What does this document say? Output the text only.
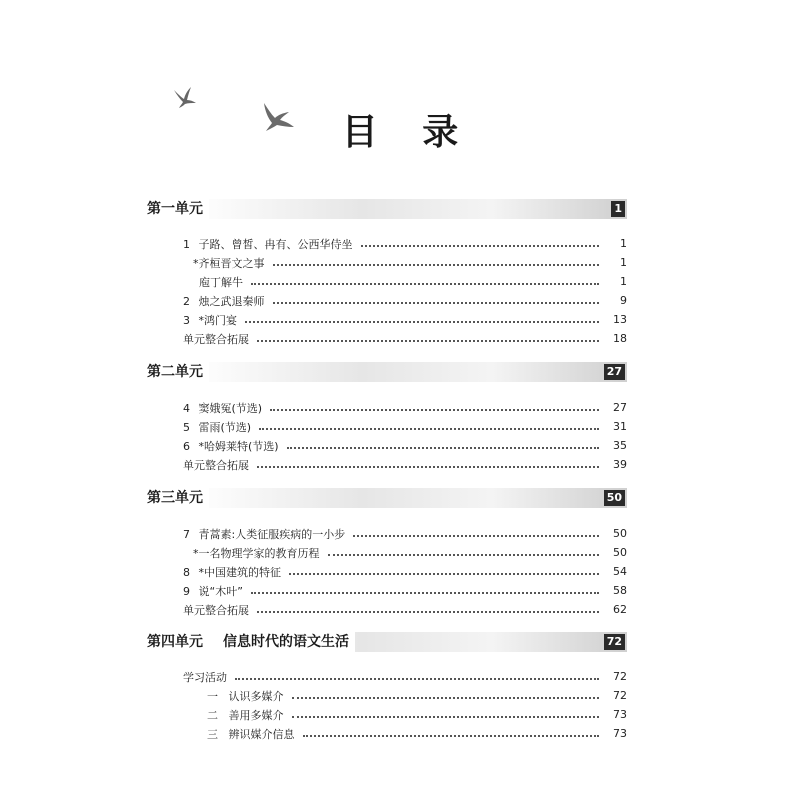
目 录
第一单元	1
1 子路、曾皙、冉有、公西华侍坐	1
*齐桓晋文之事	1
庖丁解牛	1
2 烛之武退秦师	9
3 *鸿门宴	13
单元整合拓展	18
第二单元	27
4 窦娥冤(节选)	27
5 雷雨(节选)	31
6 *哈姆莱特(节选)	35
单元整合拓展	39
第三单元	50
7 青蒿素:人类征服疾病的一小步	50
*一名物理学家的教育历程	50
8 *中国建筑的特征	54
9 说“木叶”	58
单元整合拓展	62
第四单元 信息时代的语文生活	72
学习活动	72
一 认识多媒介	72
二 善用多媒介	73
三 辨识媒介信息	73
